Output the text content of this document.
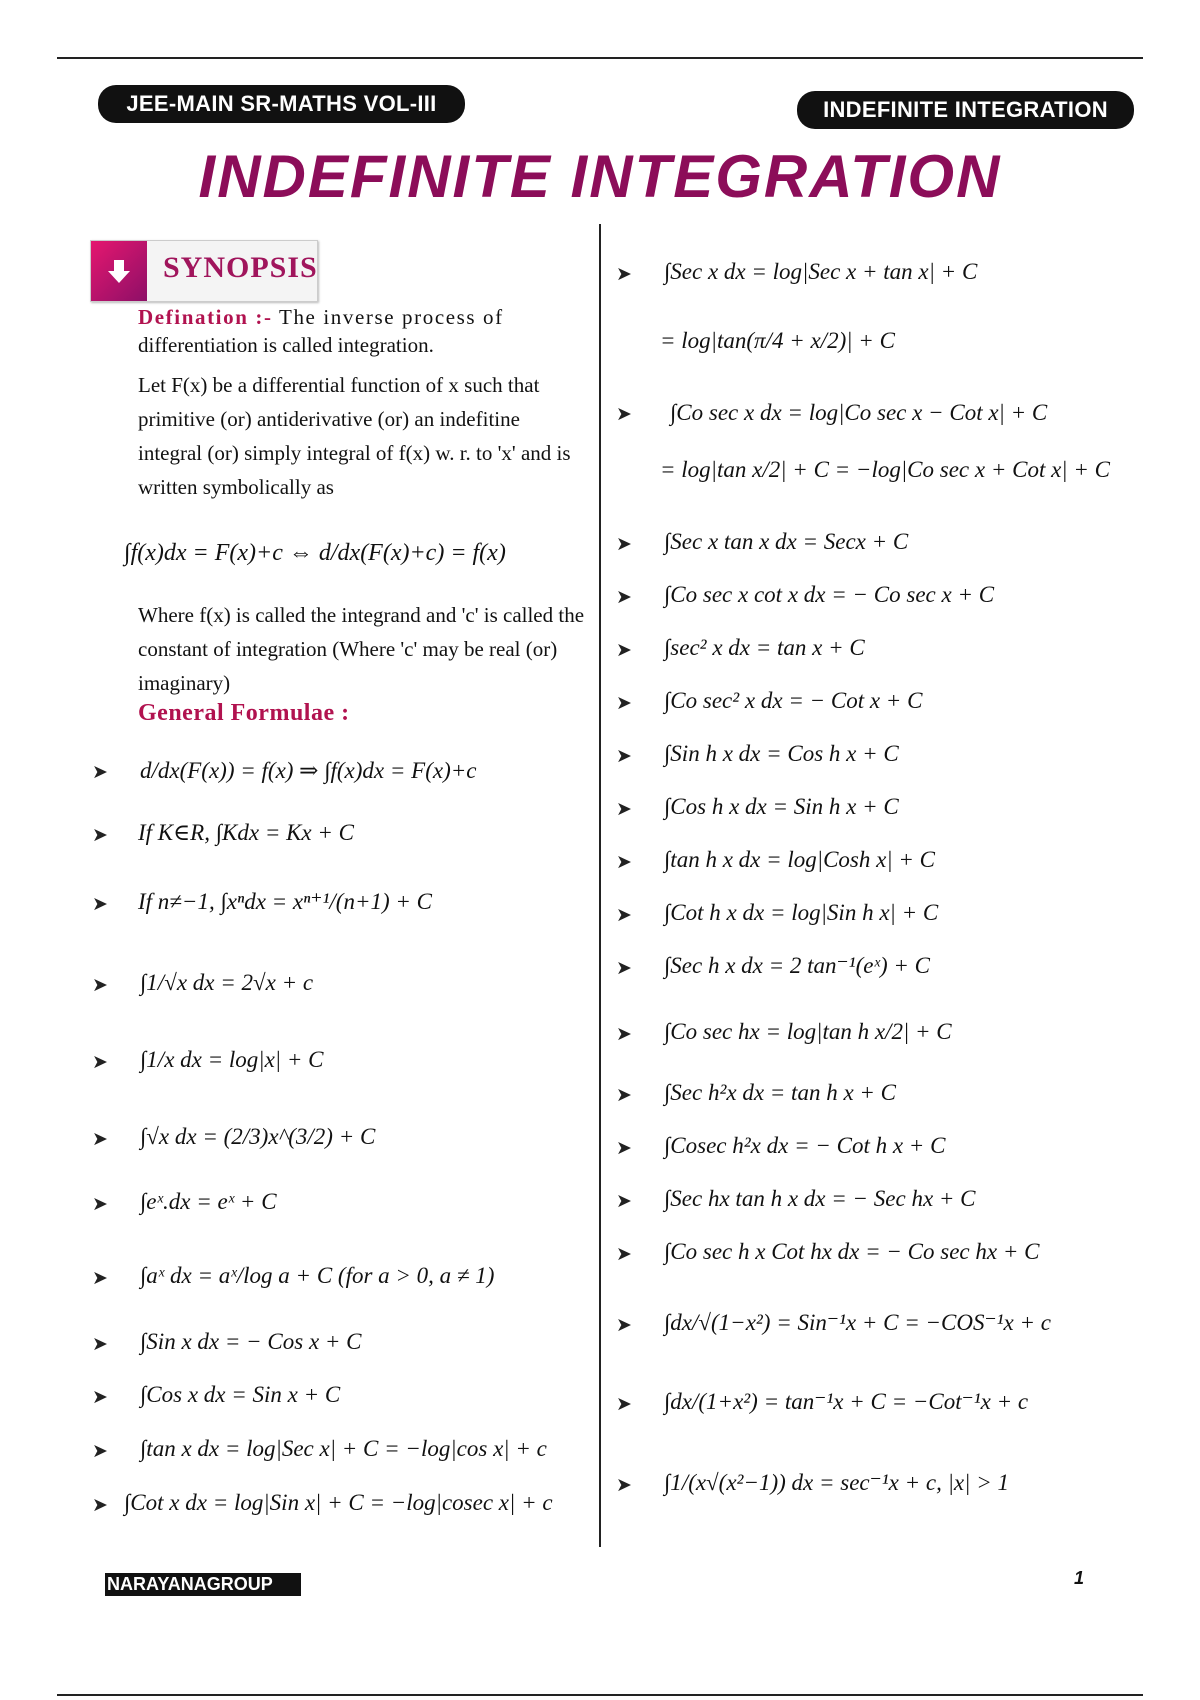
JEE-MAIN SR-MATHS VOL-III	INDEFINITE INTEGRATION
INDEFINITE INTEGRATION
SYNOPSIS
Defination :- The inverse process of
differentiation is called integration.
Let F(x) be a differential function of x such that primitive (or) antiderivative (or) an indefitine integral (or) simply integral of f(x) w. r. to 'x' and is written symbolically as
∫f(x)dx = F(x)+c ⇔ d/dx(F(x)+c) = f(x)
Where f(x) is called the integrand and 'c' is called the constant of integration (Where 'c' may be real (or) imaginary)
General Formulae :
➤ d/dx(F(x)) = f(x) ⇒ ∫f(x)dx = F(x)+c
➤ If K∈R, ∫Kdx = Kx + C
➤ If n≠−1, ∫xⁿdx = xⁿ⁺¹/(n+1) + C
➤ ∫1/√x dx = 2√x + c
➤ ∫1/x dx = log|x| + C
➤ ∫√x dx = (2/3)x^(3/2) + C
➤ ∫eˣ.dx = eˣ + C
➤ ∫aˣ dx = aˣ/log a + C (for a > 0, a ≠ 1)
➤ ∫Sin x dx = − Cos x + C
➤ ∫Cos x dx = Sin x + C
➤ ∫tan x dx = log|Sec x| + C = −log|cos x| + c
➤ ∫Cot x dx = log|Sin x| + C = −log|cosec x| + c
➤ ∫Sec x dx = log|Sec x + tan x| + C
= log|tan(π/4 + x/2)| + C
➤ ∫Co sec x dx = log|Co sec x − Cot x| + C
= log|tan x/2| + C = −log|Co sec x + Cot x| + C
➤ ∫Sec x tan x dx = Secx + C
➤ ∫Co sec x cot x dx = − Co sec x + C
➤ ∫sec² x dx = tan x + C
➤ ∫Co sec² x dx = − Cot x + C
➤ ∫Sin h x dx = Cos h x + C
➤ ∫Cos h x dx = Sin h x + C
➤ ∫tan h x dx = log|Cosh x| + C
➤ ∫Cot h x dx = log|Sin h x| + C
➤ ∫Sec h x dx = 2 tan⁻¹(eˣ) + C
➤ ∫Co sec hx = log|tan h x/2| + C
➤ ∫Sec h²x dx = tan h x + C
➤ ∫Cosec h²x dx = − Cot h x + C
➤ ∫Sec hx tan h x dx = − Sec hx + C
➤ ∫Co sec h x Cot hx dx = − Co sec hx + C
➤ ∫dx/√(1−x²) = Sin⁻¹x + C = −COS⁻¹x + c
➤ ∫dx/(1+x²) = tan⁻¹x + C = −Cot⁻¹x + c
➤ ∫1/(x√(x²−1)) dx = sec⁻¹x + c, |x| > 1
NARAYANAGROUP	1
